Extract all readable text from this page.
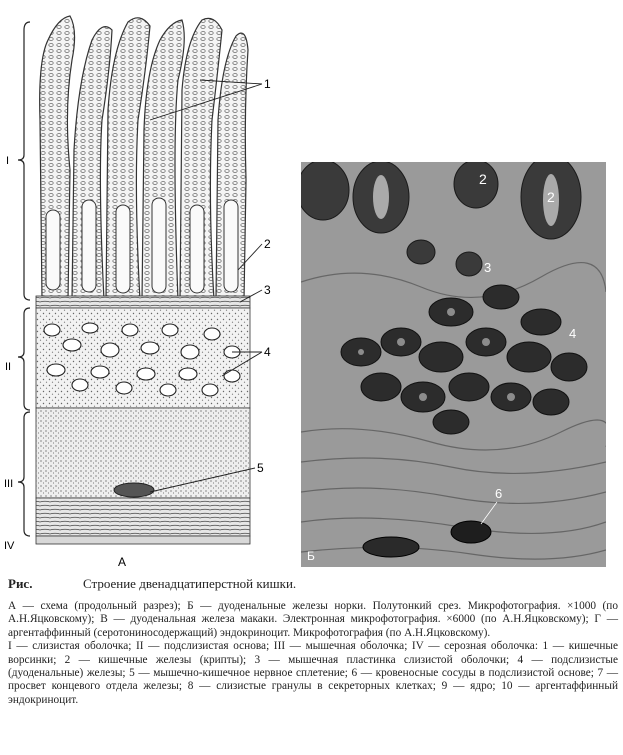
I
II
III
IV
1
2
3
4
5
А
2
2
3
4
6
Б
Рис.	Строение двенадцатиперстной кишки.

А — схема (продольный разрез); Б — дуоденальные железы норки. Полутонкий срез. Микрофотография. ×1000 (по А.Н.Яцковскому); В — дуоденальная железа макаки. Электронная микрофотография. ×6000 (по А.Н.Яцковскому); Г — аргентаффинный (серотониносодержащий) эндокриноцит. Микрофотография (по А.Н.Яцковскому).

I — слизистая оболочка; II — подслизистая основа; III — мышечная оболочка; IV — серозная оболочка: 1 — кишечные ворсинки; 2 — кишечные железы (крипты); 3 — мышечная пластинка слизистой оболочки; 4 — подслизистые (дуоденальные) железы; 5 — мышечно-кишечное нервное сплетение; 6 — кровеносные сосуды в подслизистой основе; 7 — просвет концевого отдела железы; 8 — слизистые гранулы в секреторных клетках; 9 — ядро; 10 — аргентаффинный эндокриноцит.
